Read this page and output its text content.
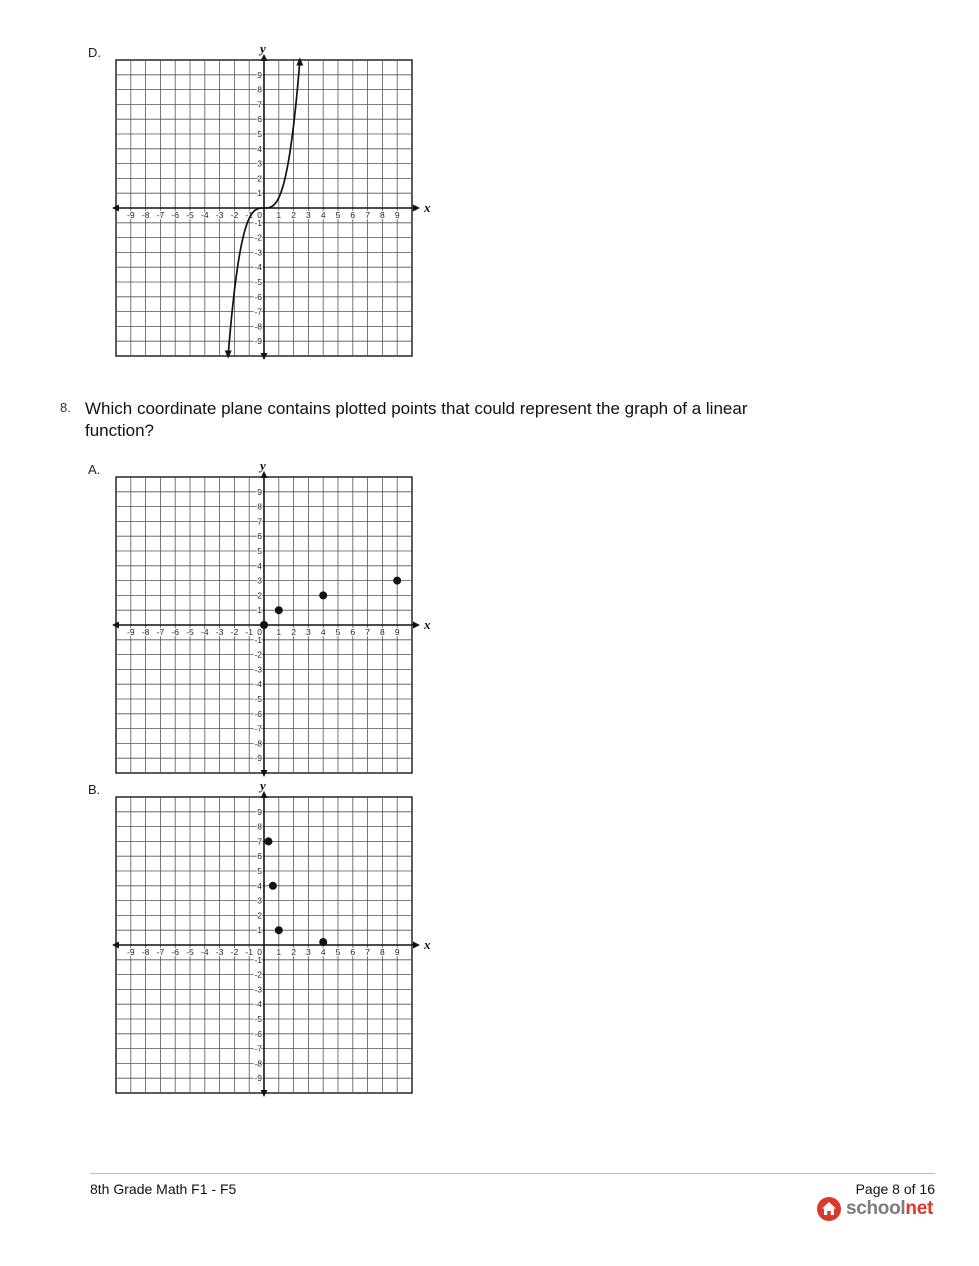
D.
x
y
-9
-9
-8
-8
-7
-7
-6
-6
-5
-5
-4
-4
-3
-3
-2
-2
-1
-1
1
1
2
2
3
3
4
4
5
5
6
6
7
7
8
8
9
9
0
8. Which coordinate plane contains plotted points that could represent the graph of a linear function?
A.
x
y
-9
-9
-8
-8
-7
-7
-6
-6
-5
-5
-4
-4
-3
-3
-2
-2
-1
-1
1
1
2
2
3
3
4
4
5
5
6
6
7
7
8
8
9
9
0
B.
x
y
-9
-9
-8
-8
-7
-7
-6
-6
-5
-5
-4
-4
-3
-3
-2
-2
-1
-1
1
1
2
2
3
3
4
4
5
5
6
6
7
7
8
8
9
9
0
8th Grade Math F1 - F5	Page 8 of 16
schoolnet
